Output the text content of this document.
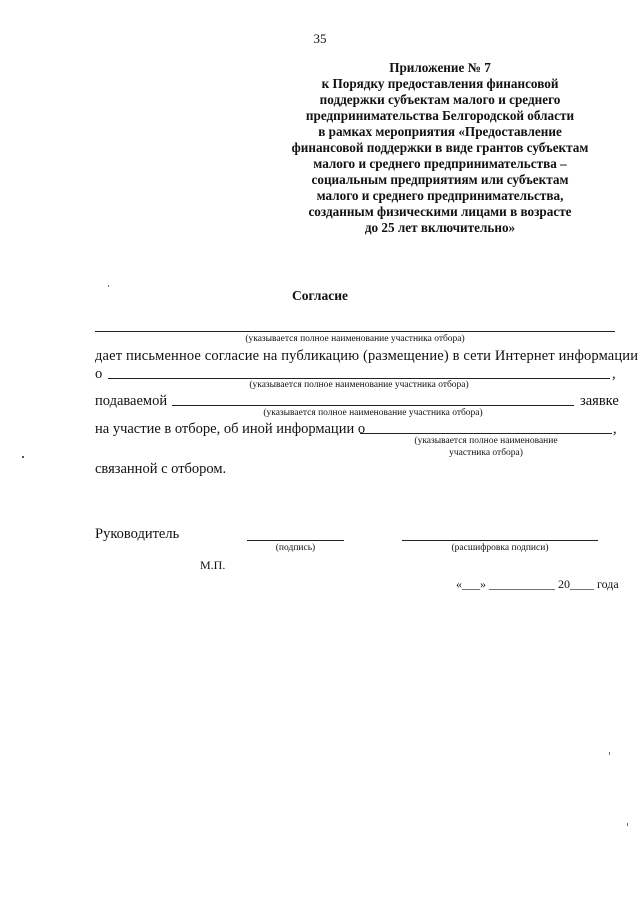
35
Приложение № 7
к Порядку предоставления финансовой
поддержки субъектам малого и среднего
предпринимательства Белгородской области
в рамках мероприятия «Предоставление
финансовой поддержки в виде грантов субъектам
малого и среднего предпринимательства –
социальным предприятиям или субъектам
малого и среднего предпринимательства,
созданным физическими лицами в возрасте
до 25 лет включительно»
Согласие
(указывается полное наименование участника отбора)
дает письменное согласие на публикацию (размещение) в сети Интернет информации
о	,
(указывается полное наименование участника отбора)
подаваемой	заявке
(указывается полное наименование участника отбора)
на участие в отборе, об иной информации о	,
(указывается полное наименование
участника отбора)
связанной с отбором.
Руководитель
(подпись)	(расшифровка подписи)
М.П.
«___» ___________ 20____ года
